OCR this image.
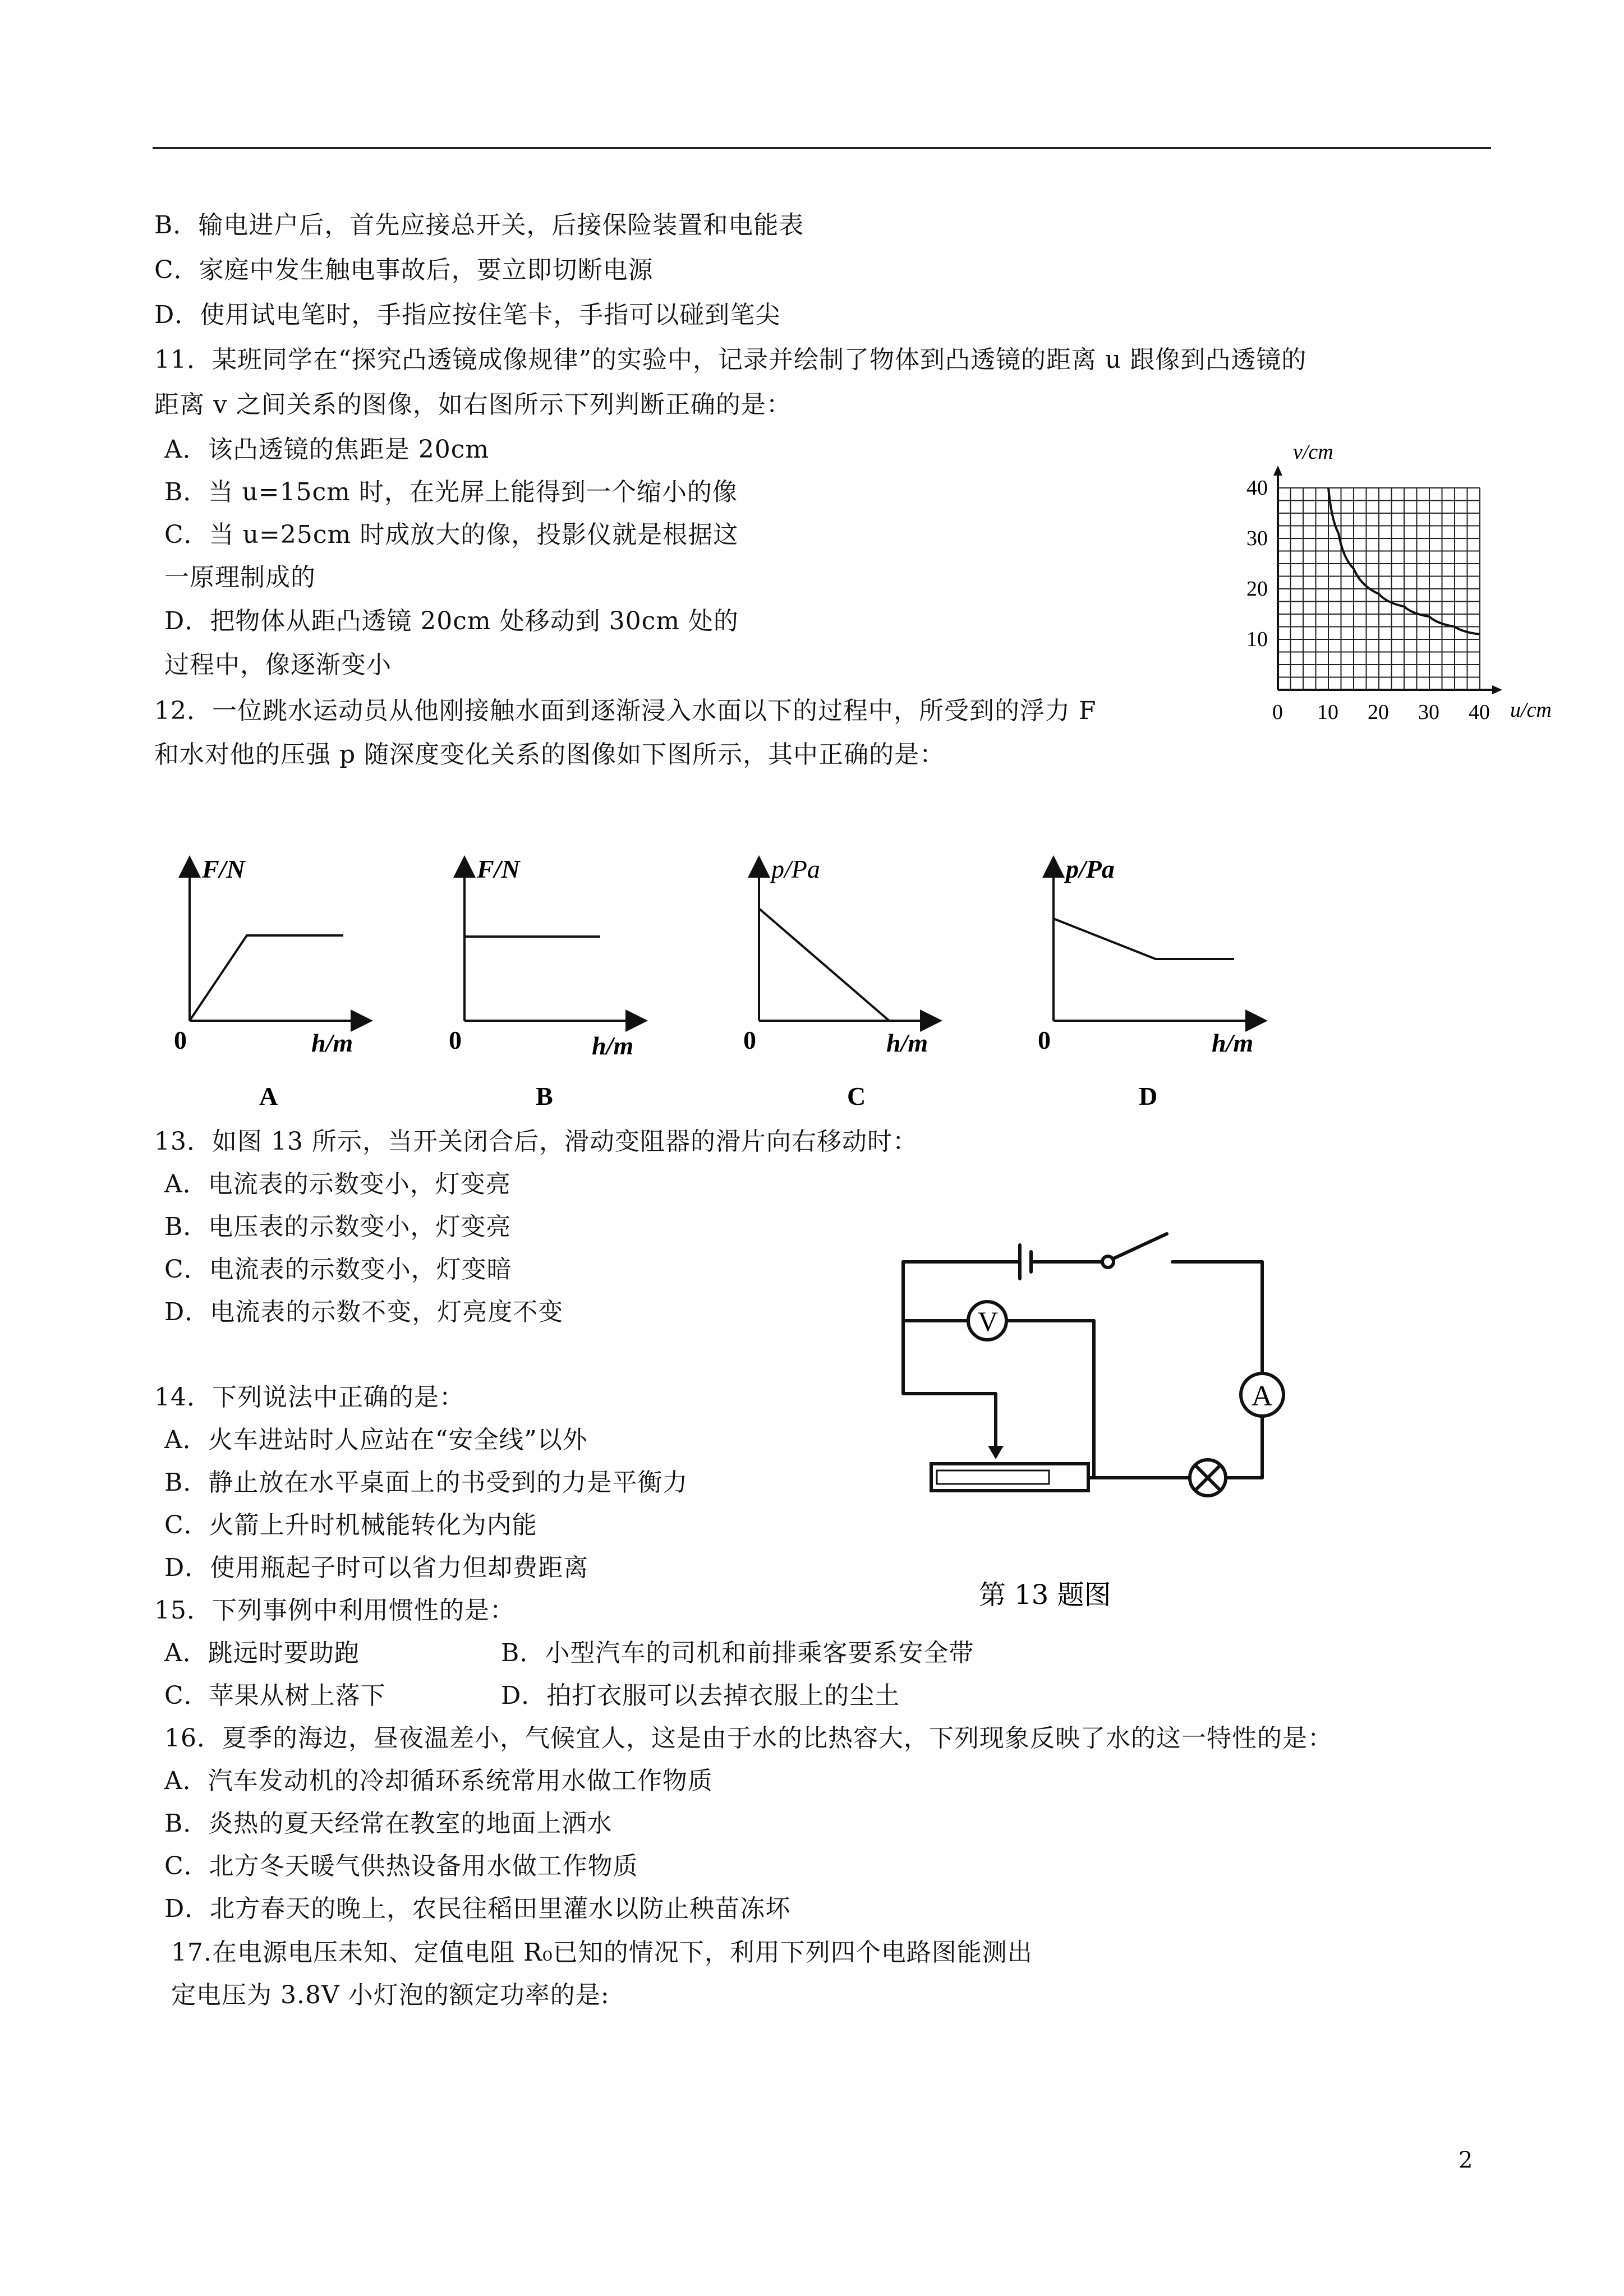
B．输电进户后，首先应接总开关，后接保险装置和电能表
C．家庭中发生触电事故后，要立即切断电源
D．使用试电笔时，手指应按住笔卡，手指可以碰到笔尖
11．某班同学在“探究凸透镜成像规律”的实验中，记录并绘制了物体到凸透镜的距离 u 跟像到凸透镜的
距离 v 之间关系的图像，如右图所示下列判断正确的是：
A．该凸透镜的焦距是 20cm
B．当 u=15cm 时，在光屏上能得到一个缩小的像
C．当 u=25cm 时成放大的像，投影仪就是根据这
一原理制成的
D．把物体从距凸透镜 20cm 处移动到 30cm 处的
过程中，像逐渐变小
12．一位跳水运动员从他刚接触水面到逐渐浸入水面以下的过程中，所受到的浮力 F
和水对他的压强 p 随深度变化关系的图像如下图所示，其中正确的是：
13．如图 13 所示，当开关闭合后，滑动变阻器的滑片向右移动时：
A．电流表的示数变小，灯变亮
B．电压表的示数变小，灯变亮
C．电流表的示数变小，灯变暗
D．电流表的示数不变，灯亮度不变
14．下列说法中正确的是：
A．火车进站时人应站在“安全线”以外
B．静止放在水平桌面上的书受到的力是平衡力
C．火箭上升时机械能转化为内能
D．使用瓶起子时可以省力但却费距离
15．下列事例中利用惯性的是：
A．跳远时要助跑	B．小型汽车的司机和前排乘客要系安全带
C．苹果从树上落下	D．拍打衣服可以去掉衣服上的尘土
16．夏季的海边，昼夜温差小，气候宜人，这是由于水的比热容大，下列现象反映了水的这一特性的是：
A．汽车发动机的冷却循环系统常用水做工作物质
B．炎热的夏天经常在教室的地面上洒水
C．北方冬天暖气供热设备用水做工作物质
D．北方春天的晚上，农民往稻田里灌水以防止秧苗冻坏
17.在电源电压未知、定值电阻 R₀已知的情况下，利用下列四个电路图能测出
定电压为 3.8V 小灯泡的额定功率的是:
2
v/cm
u/cm
0 10 20 30 40
10
20
30
40
F/N
0	h/m
A
F/N
0	h/m
B
p/Pa
0	h/m
C
p/Pa
0	h/m
D
V
A
第 13 题图
